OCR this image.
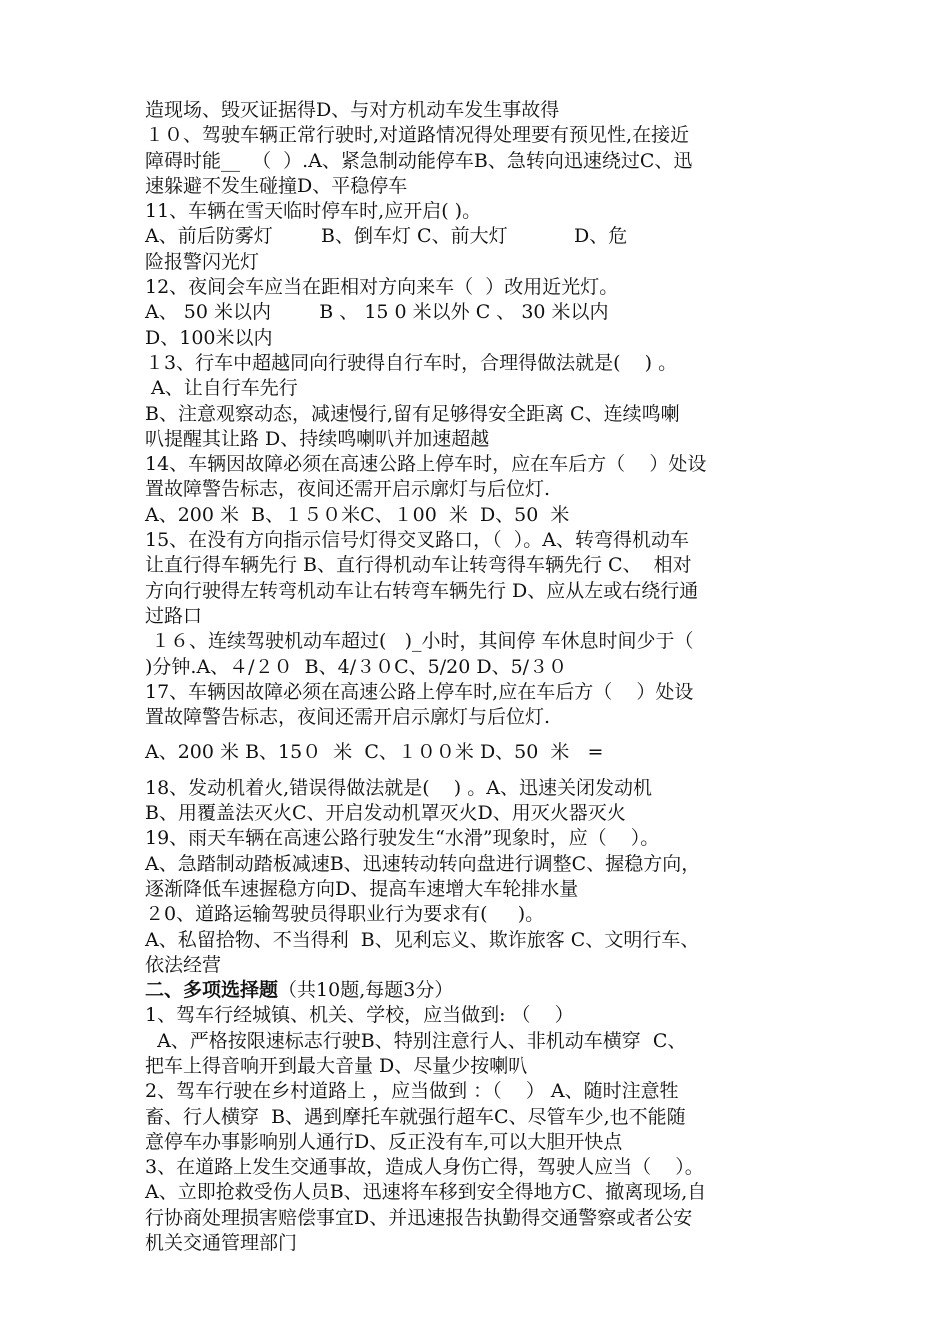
造现场、毁灭证据得D、与对方机动车发生事故得
１０、驾驶车辆正常行驶时,对道路情况得处理要有预见性,在接近
障碍时能__  （  ）.A、紧急制动能停车B、急转向迅速绕过C、迅
速躲避不发生碰撞D、平稳停车
11、车辆在雪天临时停车时,应开启( )。
A、前后防雾灯        B、倒车灯 C、前大灯           D、危
险报警闪光灯
12、夜间会车应当在距相对方向来车（  ）改用近光灯。
A、 50 米以内        B 、 15 0 米以外 C 、 30 米以内
D、100米以内
１3、行车中超越同向行驶得自行车时，合理得做法就是(    ) 。
A、让自行车先行
B、注意观察动态，减速慢行,留有足够得安全距离 C、连续鸣喇
叭提醒其让路 D、持续鸣喇叭并加速超越
14、车辆因故障必须在高速公路上停车时，应在车后方（    ）处设
置故障警告标志，夜间还需开启示廓灯与后位灯.
A、200 米  B、１５０米C、１00  米  D、50  米
15、在没有方向指示信号灯得交叉路口，（  ）。A、转弯得机动车
让直行得车辆先行 B、直行得机动车让转弯得车辆先行 C、  相对
方向行驶得左转弯机动车让右转弯车辆先行 D、应从左或右绕行通
过路口
１６、连续驾驶机动车超过(   )_小时，其间停 车休息时间少于（
)分钟.A、４/２０  B、4/３０C、5/20 D、5/３０
17、车辆因故障必须在高速公路上停车时,应在车后方（    ）处设
置故障警告标志，夜间还需开启示廓灯与后位灯.
A、200 米 B、15０  米  C、１００米 D、50  米   =
18、发动机着火,错误得做法就是(    ) 。A、迅速关闭发动机
B、用覆盖法灭火C、开启发动机罩灭火D、用灭火器灭火
19、雨天车辆在高速公路行驶发生“水滑”现象时，应（    ）。
A、急踏制动踏板减速B、迅速转动转向盘进行调整C、握稳方向，
逐渐降低车速握稳方向D、提高车速增大车轮排水量
２0、道路运输驾驶员得职业行为要求有(     )。
A、私留拾物、不当得利  B、见利忘义、欺诈旅客 C、文明行车、
依法经营
二、多项选择题（共10题,每题3分）
1、驾车行经城镇、机关、学校，应当做到: （    ）
A、严格按限速标志行驶B、特别注意行人、非机动车横穿  C、
把车上得音响开到最大音量 D、尽量少按喇叭
2、驾车行驶在乡村道路上 ，应当做到 ：（    ） A、随时注意牲
畜、行人横穿  B、遇到摩托车就强行超车C、尽管车少,也不能随
意停车办事影响别人通行D、反正没有车,可以大胆开快点
3、在道路上发生交通事故，造成人身伤亡得，驾驶人应当（    ）。
A、立即抢救受伤人员B、迅速将车移到安全得地方C、撤离现场,自
行协商处理损害赔偿事宜D、并迅速报告执勤得交通警察或者公安
机关交通管理部门
